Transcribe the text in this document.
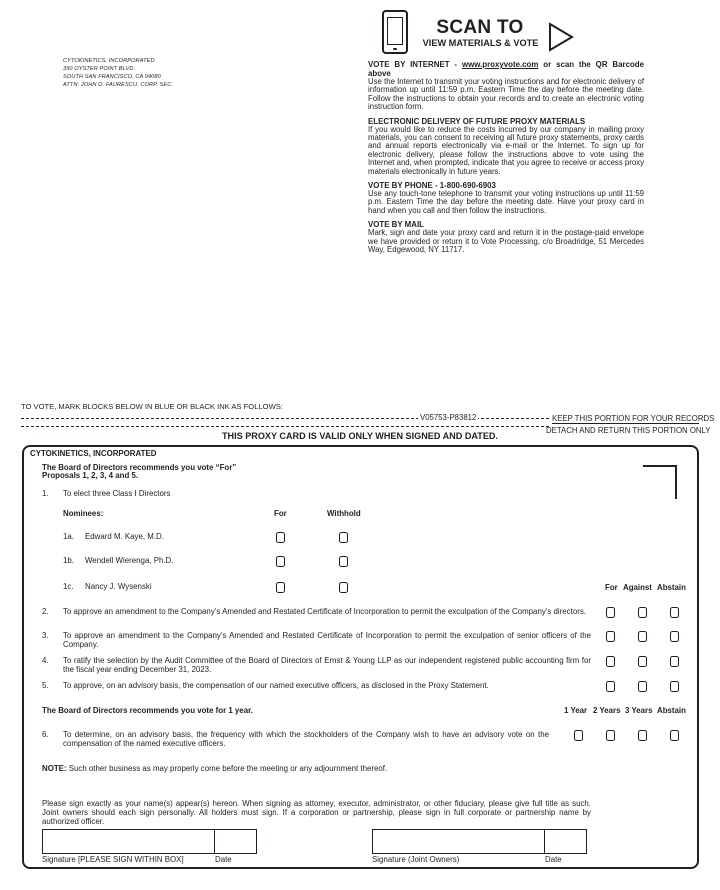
CYTOKINETICS, INCORPORATED
350 OYSTER POINT BLVD.
SOUTH SAN FRANCISCO, CA 94080
ATTN: JOHN O. FAURESCU, CORP. SEC.
SCAN TO
VIEW MATERIALS & VOTE
VOTE BY INTERNET - www.proxyvote.com or scan the QR Barcode above

Use the Internet to transmit your voting instructions and for electronic delivery of information up until 11:59 p.m. Eastern Time the day before the meeting date. Follow the instructions to obtain your records and to create an electronic voting instruction form.

ELECTRONIC DELIVERY OF FUTURE PROXY MATERIALS

If you would like to reduce the costs incurred by our company in mailing proxy materials, you can consent to receiving all future proxy statements, proxy cards and annual reports electronically via e-mail or the Internet. To sign up for electronic delivery, please follow the instructions above to vote using the Internet and, when prompted, indicate that you agree to receive or access proxy materials electronically in future years.

VOTE BY PHONE - 1-800-690-6903

Use any touch-tone telephone to transmit your voting instructions up until 11:59 p.m. Eastern Time the day before the meeting date. Have your proxy card in hand when you call and then follow the instructions.

VOTE BY MAIL

Mark, sign and date your proxy card and return it in the postage-paid envelope we have provided or return it to Vote Processing, c/o Broadridge, 51 Mercedes Way, Edgewood, NY 11717.

TO VOTE, MARK BLOCKS BELOW IN BLUE OR BLACK INK AS FOLLOWS:
V05753-P83812	KEEP THIS PORTION FOR YOUR RECORDS
DETACH AND RETURN THIS PORTION ONLY
THIS PROXY CARD IS VALID ONLY WHEN SIGNED AND DATED.
CYTOKINETICS, INCORPORATED
The Board of Directors recommends you vote “For”
Proposals 1, 2, 3, 4 and 5.
1. To elect three Class I Directors
Nominees:	For	Withhold
1a. Edward M. Kaye, M.D.
1b. Wendell Wierenga, Ph.D.
1c. Nancy J. Wysenski	For Against Abstain
2. To approve an amendment to the Company’s Amended and Restated Certificate of Incorporation to permit the exculpation of the Company’s directors.
3. To approve an amendment to the Company’s Amended and Restated Certificate of Incorporation to permit the exculpation of senior officers of the Company.
4. To ratify the selection by the Audit Committee of the Board of Directors of Ernst & Young LLP as our independent registered public accounting firm for the fiscal year ending December 31, 2023.
5. To approve, on an advisory basis, the compensation of our named executive officers, as disclosed in the Proxy Statement.
The Board of Directors recommends you vote for 1 year.	1 Year 2 Years 3 Years Abstain
6. To determine, on an advisory basis, the frequency with which the stockholders of the Company wish to have an advisory vote on the compensation of the named executive officers.
NOTE: Such other business as may properly come before the meeting or any adjournment thereof.
Please sign exactly as your name(s) appear(s) hereon. When signing as attorney, executor, administrator, or other fiduciary, please give full title as such. Joint owners should each sign personally. All holders must sign. If a corporation or partnership, please sign in full corporate or partnership name by authorized officer.
Signature [PLEASE SIGN WITHIN BOX]	Date	Signature (Joint Owners)	Date
